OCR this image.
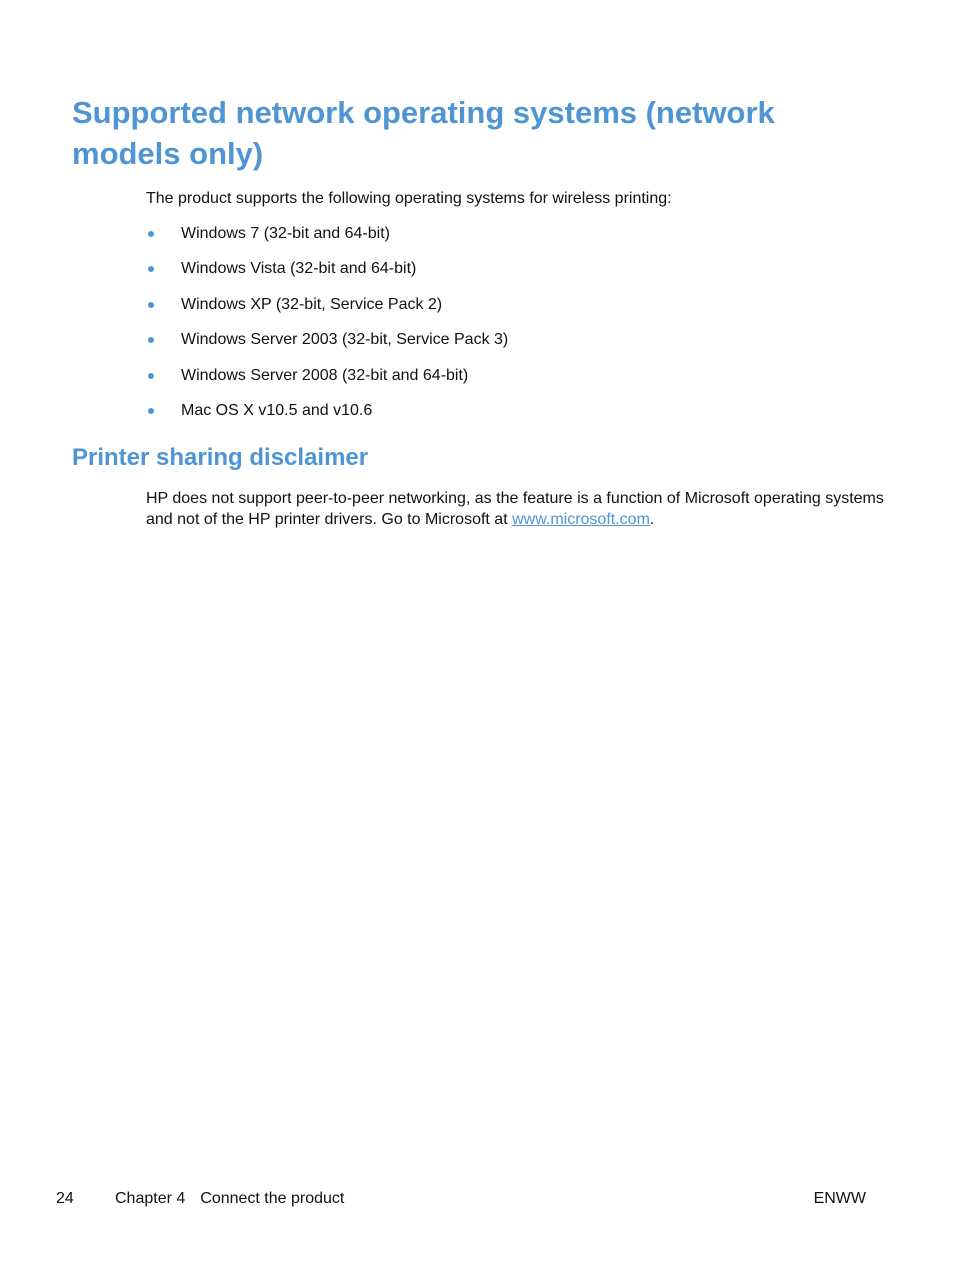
Supported network operating systems (network models only)

The product supports the following operating systems for wireless printing:

Windows 7 (32-bit and 64-bit)
Windows Vista (32-bit and 64-bit)
Windows XP (32-bit, Service Pack 2)
Windows Server 2003 (32-bit, Service Pack 3)
Windows Server 2008 (32-bit and 64-bit)
Mac OS X v10.5 and v10.6
Printer sharing disclaimer

HP does not support peer-to-peer networking, as the feature is a function of Microsoft operating systems
and not of the HP printer drivers. Go to Microsoft at www.microsoft.com.

24	Chapter 4 Connect the product	ENWW
